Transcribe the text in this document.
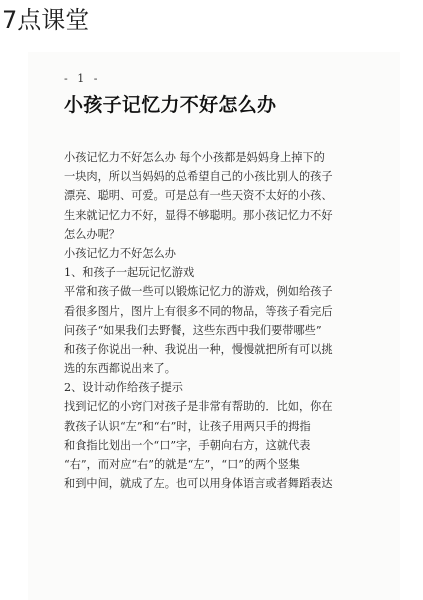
7点课堂
- 1 -
小孩子记忆力不好怎么办
小孩记忆力不好怎么办 每个小孩都是妈妈身上掉下的
一块肉，所以当妈妈的总希望自己的小孩比别人的孩子
漂亮、聪明、可爱。可是总有一些天资不太好的小孩、
生来就记忆力不好，显得不够聪明。那小孩记忆力不好
怎么办呢？
小孩记忆力不好怎么办
1、和孩子一起玩记忆游戏
平常和孩子做一些可以锻炼记忆力的游戏，例如给孩子
看很多图片，图片上有很多不同的物品，等孩子看完后
问孩子“如果我们去野餐，这些东西中我们要带哪些”
和孩子你说出一种、我说出一种，慢慢就把所有可以挑
选的东西都说出来了。
2、设计动作给孩子提示
找到记忆的小窍门对孩子是非常有帮助的．比如，你在
教孩子认识“左”和“右”时，让孩子用两只手的拇指
和食指比划出一个“口”字，手朝向右方，这就代表
“右”，而对应“右”的就是“左”，“口”的两个竖集
和到中间，就成了左。也可以用身体语言或者舞蹈表达
